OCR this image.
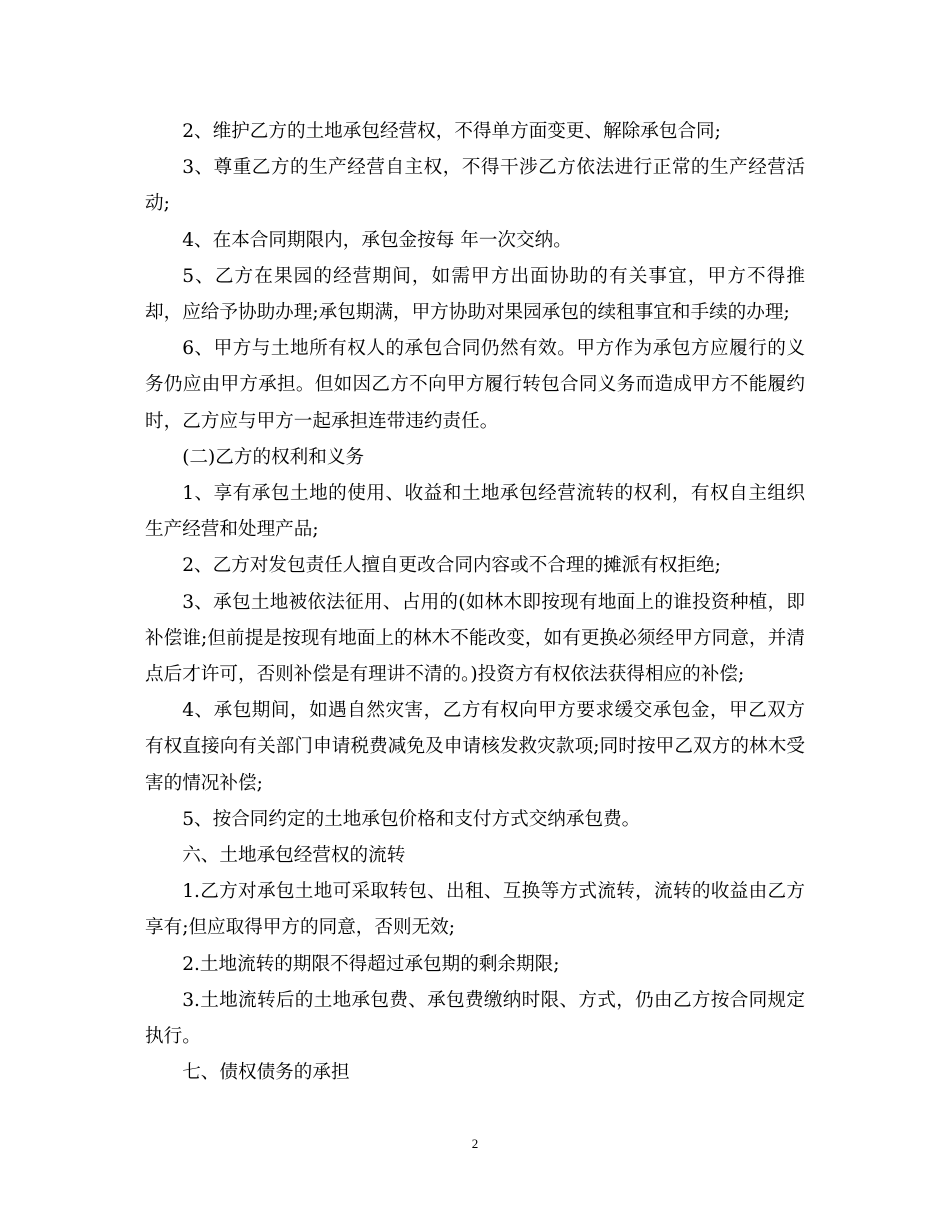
2、维护乙方的土地承包经营权，不得单方面变更、解除承包合同;

3、尊重乙方的生产经营自主权，不得干涉乙方依法进行正常的生产经营活动;

4、在本合同期限内，承包金按每 年一次交纳。

5、乙方在果园的经营期间，如需甲方出面协助的有关事宜，甲方不得推却，应给予协助办理;承包期满，甲方协助对果园承包的续租事宜和手续的办理;

6、甲方与土地所有权人的承包合同仍然有效。甲方作为承包方应履行的义务仍应由甲方承担。但如因乙方不向甲方履行转包合同义务而造成甲方不能履约时，乙方应与甲方一起承担连带违约责任。

(二)乙方的权利和义务

1、享有承包土地的使用、收益和土地承包经营流转的权利，有权自主组织生产经营和处理产品;

2、乙方对发包责任人擅自更改合同内容或不合理的摊派有权拒绝;

3、承包土地被依法征用、占用的(如林木即按现有地面上的谁投资种植，即补偿谁;但前提是按现有地面上的林木不能改变，如有更换必须经甲方同意，并清点后才许可，否则补偿是有理讲不清的。)投资方有权依法获得相应的补偿;

4、承包期间，如遇自然灾害，乙方有权向甲方要求缓交承包金，甲乙双方有权直接向有关部门申请税费减免及申请核发救灾款项;同时按甲乙双方的林木受害的情况补偿;

5、按合同约定的土地承包价格和支付方式交纳承包费。

六、土地承包经营权的流转

1.乙方对承包土地可采取转包、出租、互换等方式流转，流转的收益由乙方享有;但应取得甲方的同意，否则无效;

2.土地流转的期限不得超过承包期的剩余期限;

3.土地流转后的土地承包费、承包费缴纳时限、方式，仍由乙方按合同规定执行。

七、债权债务的承担

2
